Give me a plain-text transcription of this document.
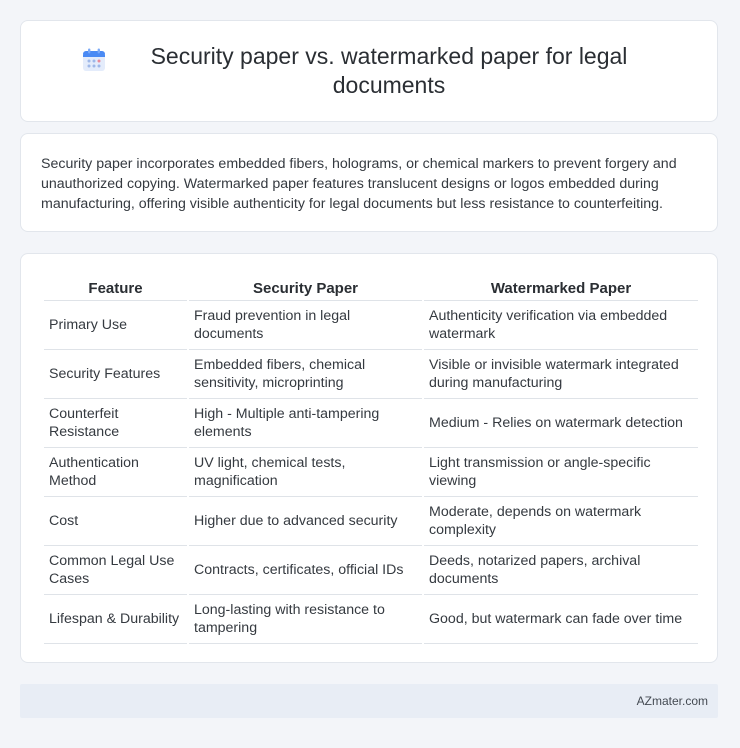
Security paper vs. watermarked paper for legal documents

Security paper incorporates embedded fibers, holograms, or chemical markers to prevent forgery and unauthorized copying. Watermarked paper features translucent designs or logos embedded during manufacturing, offering visible authenticity for legal documents but less resistance to counterfeiting.

Feature	Security Paper	Watermarked Paper
Primary Use	Fraud prevention in legal documents	Authenticity verification via embedded watermark
Security Features	Embedded fibers, chemical sensitivity, microprinting	Visible or invisible watermark integrated during manufacturing
Counterfeit Resistance	High - Multiple anti-tampering elements	Medium - Relies on watermark detection
Authentication Method	UV light, chemical tests, magnification	Light transmission or angle-specific viewing
Cost	Higher due to advanced security	Moderate, depends on watermark complexity
Common Legal Use Cases	Contracts, certificates, official IDs	Deeds, notarized papers, archival documents
Lifespan & Durability	Long-lasting with resistance to tampering	Good, but watermark can fade over time
AZmater.com
